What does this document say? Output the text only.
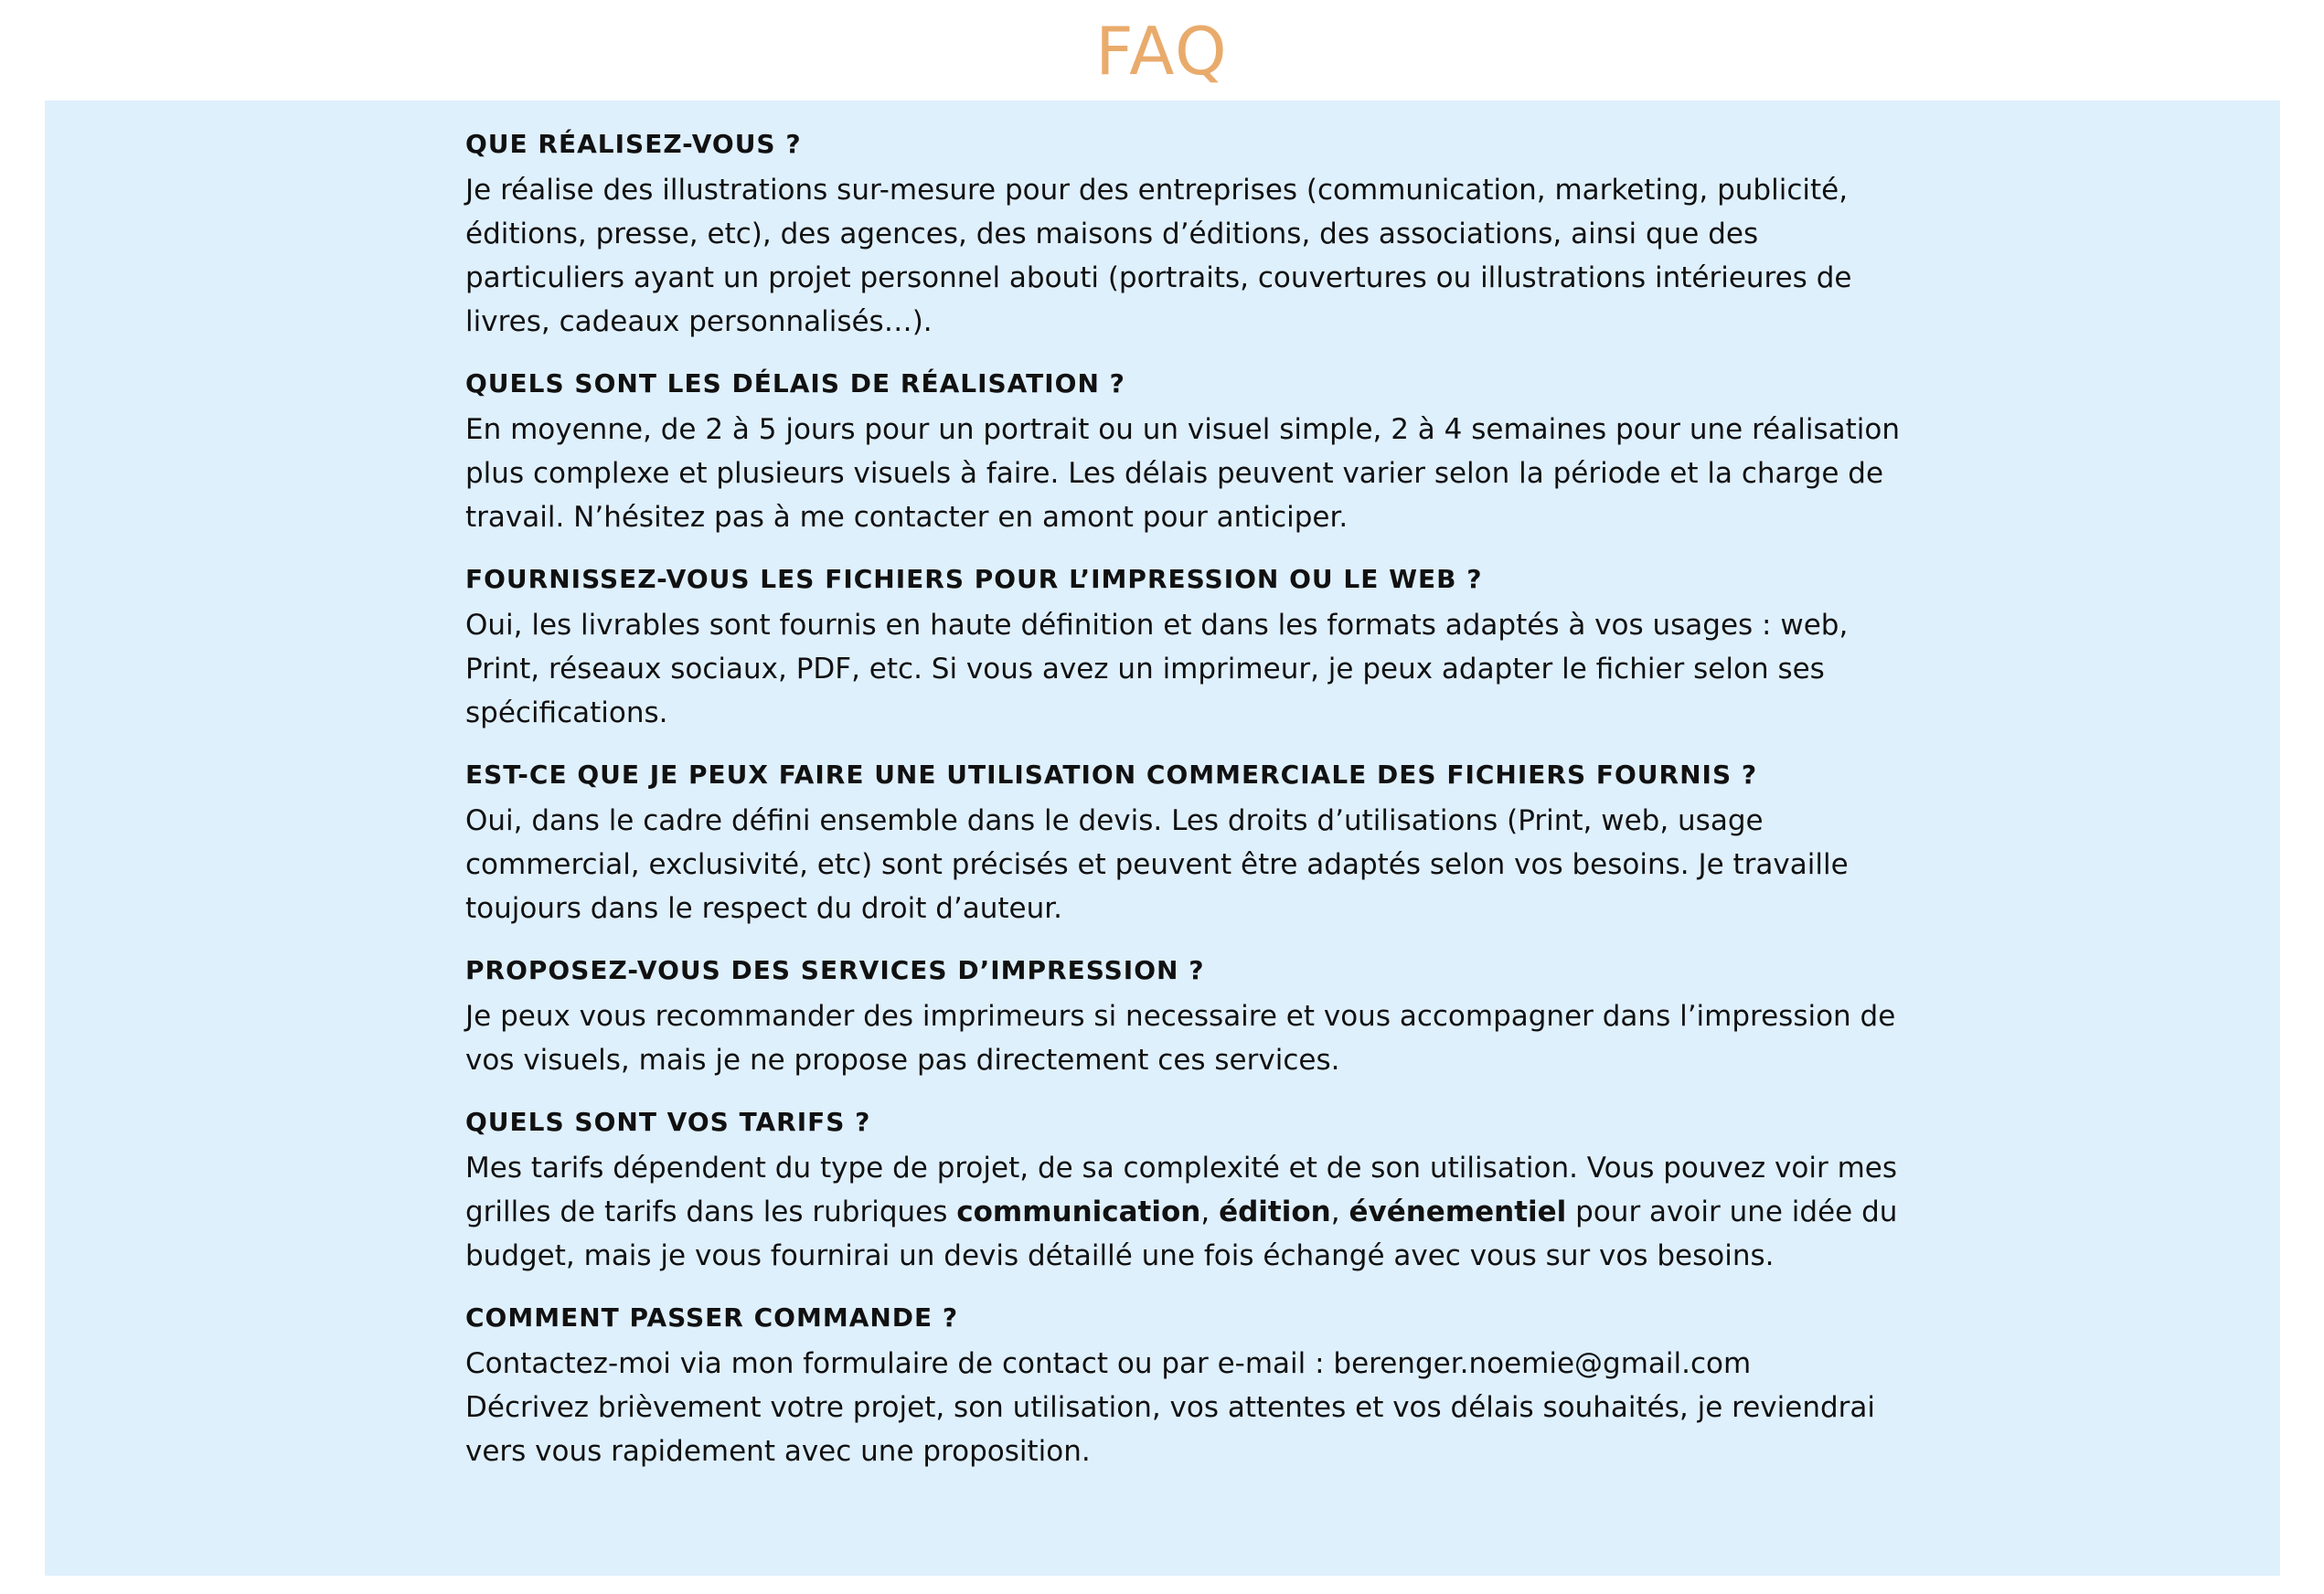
FAQ
QUE RÉALISEZ-VOUS ?

Je réalise des illustrations sur-mesure pour des entreprises (communication, marketing, publicité, éditions, presse, etc), des agences, des maisons d’éditions, des associations, ainsi que des particuliers ayant un projet personnel abouti (portraits, couvertures ou illustrations intérieures de livres, cadeaux personnalisés…).

QUELS SONT LES DÉLAIS DE RÉALISATION ?

En moyenne, de 2 à 5 jours pour un portrait ou un visuel simple, 2 à 4 semaines pour une réalisation plus complexe et plusieurs visuels à faire. Les délais peuvent varier selon la période et la charge de travail. N’hésitez pas à me contacter en amont pour anticiper.

FOURNISSEZ-VOUS LES FICHIERS POUR L’IMPRESSION OU LE WEB ?

Oui, les livrables sont fournis en haute définition et dans les formats adaptés à vos usages : web, Print, réseaux sociaux, PDF, etc. Si vous avez un imprimeur, je peux adapter le fichier selon ses spécifications.

EST-CE QUE JE PEUX FAIRE UNE UTILISATION COMMERCIALE DES FICHIERS FOURNIS ?

Oui, dans le cadre défini ensemble dans le devis. Les droits d’utilisations (Print, web, usage commercial, exclusivité, etc) sont précisés et peuvent être adaptés selon vos besoins. Je travaille toujours dans le respect du droit d’auteur.

PROPOSEZ-VOUS DES SERVICES D’IMPRESSION ?

Je peux vous recommander des imprimeurs si necessaire et vous accompagner dans l’impression de vos visuels, mais je ne propose pas directement ces services.

QUELS SONT VOS TARIFS ?

Mes tarifs dépendent du type de projet, de sa complexité et de son utilisation. Vous pouvez voir mes grilles de tarifs dans les rubriques communication, édition, événementiel pour avoir une idée du budget, mais je vous fournirai un devis détaillé une fois échangé avec vous sur vos besoins.

COMMENT PASSER COMMANDE ?

Contactez-moi via mon formulaire de contact ou par e-mail : berenger.noemie@gmail.com

Décrivez brièvement votre projet, son utilisation, vos attentes et vos délais souhaités, je reviendrai vers vous rapidement avec une proposition.
